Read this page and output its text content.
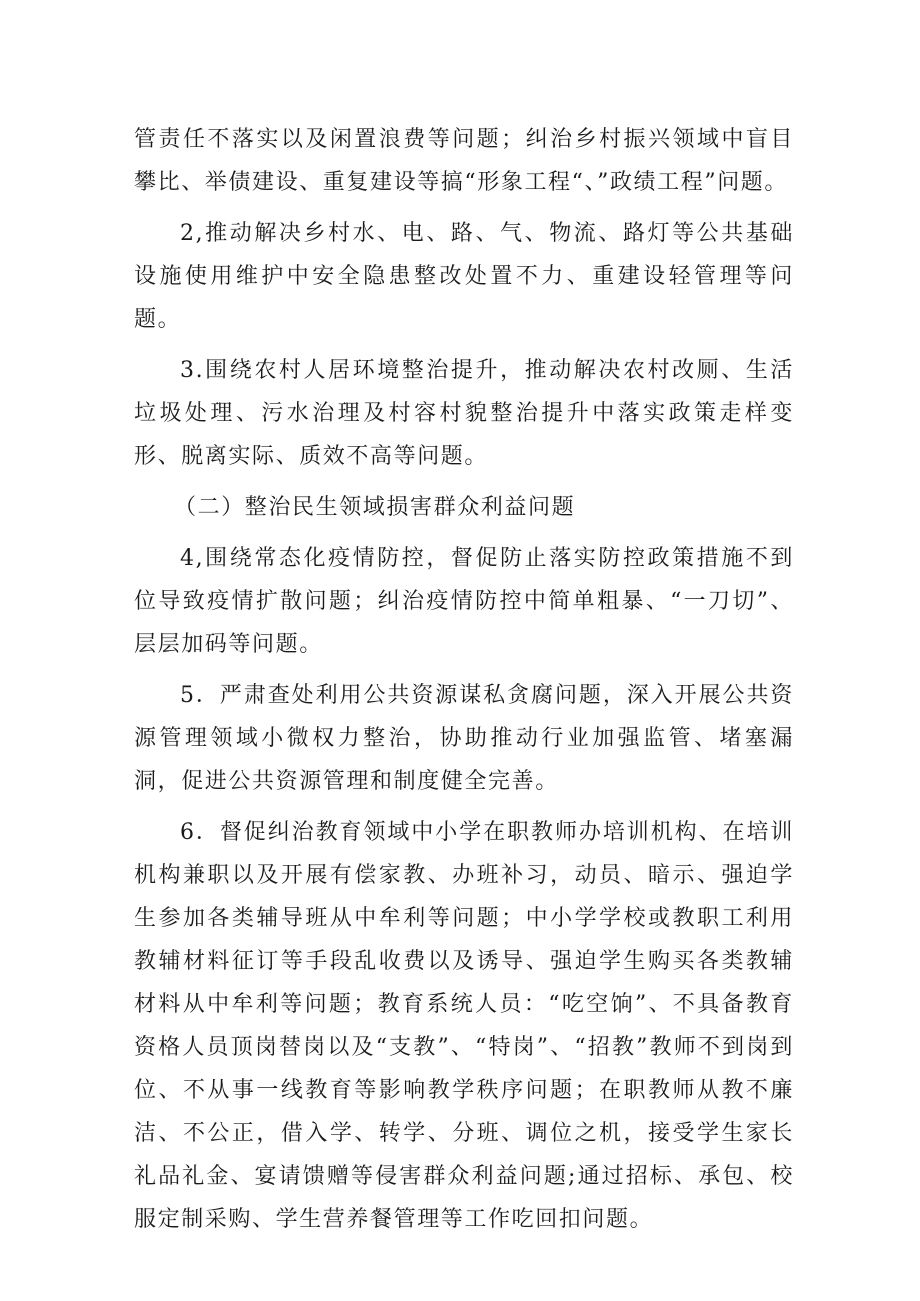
管责任不落实以及闲置浪费等问题；纠治乡村振兴领域中盲目攀比、举债建设、重复建设等搞“形象工程“、”政绩工程”问题。

2,推动解决乡村水、电、路、气、物流、路灯等公共基础设施使用维护中安全隐患整改处置不力、重建设轻管理等问题。

3.围绕农村人居环境整治提升，推动解决农村改厕、生活垃圾处理、污水治理及村容村貌整治提升中落实政策走样变形、脱离实际、质效不高等问题。

（二）整治民生领域损害群众利益问题

4,围绕常态化疫情防控，督促防止落实防控政策措施不到位导致疫情扩散问题；纠治疫情防控中简单粗暴、“一刀切”、层层加码等问题。

5．严肃查处利用公共资源谋私贪腐问题，深入开展公共资源管理领域小微权力整治，协助推动行业加强监管、堵塞漏洞，促进公共资源管理和制度健全完善。

6．督促纠治教育领域中小学在职教师办培训机构、在培训机构兼职以及开展有偿家教、办班补习，动员、暗示、强迫学生参加各类辅导班从中牟利等问题；中小学学校或教职工利用教辅材料征订等手段乱收费以及诱导、强迫学生购买各类教辅材料从中牟利等问题；教育系统人员：“吃空饷”、不具备教育资格人员顶岗替岗以及“支教”、“特岗”、“招教”教师不到岗到位、不从事一线教育等影响教学秩序问题；在职教师从教不廉洁、不公正，借入学、转学、分班、调位之机，接受学生家长礼品礼金、宴请馈赠等侵害群众利益问题;通过招标、承包、校服定制采购、学生营养餐管理等工作吃回扣问题。
